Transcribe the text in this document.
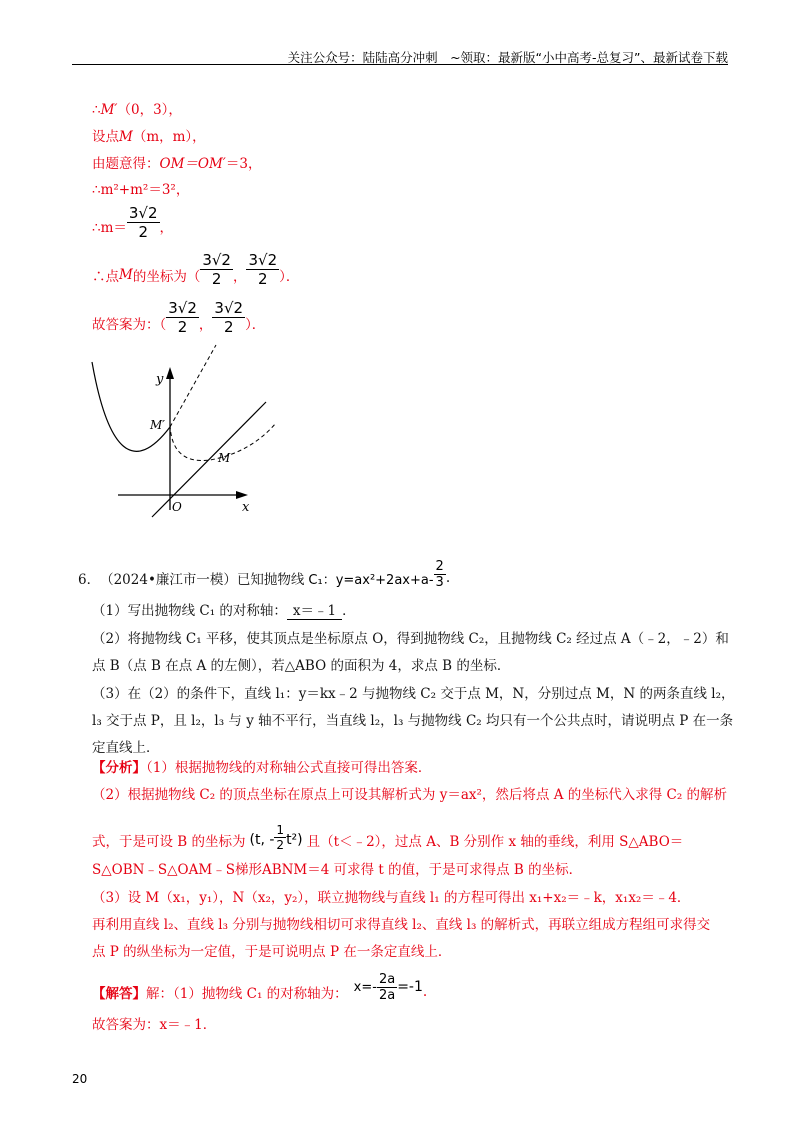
关注公众号：陆陆高分冲刺　~领取：最新版“小中高考-总复习”、最新试卷下载
∴M′（0，3），
设点M（m，m），
由题意得：OM＝OM′＝3，
∴m²+m²＝3²，
∴m＝ $\frac{3√2}{2}$ ，
∴点 M 的坐标为（ $\frac{3√2}{2}$ ， $\frac{3√2}{2}$ ）．
故答案为：（ $\frac{3√2}{2}$ ， $\frac{3√2}{2}$ ）．
y
x
O
M′
M
6． （2024•廉江市一模）已知抛物线 C₁：$y=ax^2+2ax+a- \frac{2}{3}$ .
（1）写出抛物线 C₁ 的对称轴： x＝﹣1 ．
（2）将抛物线 C₁ 平移，使其顶点是坐标原点 O，得到抛物线 C₂，且抛物线 C₂ 经过点 A（﹣2，﹣2）和
点 B（点 B 在点 A 的左侧），若△ABO 的面积为 4，求点 B 的坐标．
（3）在（2）的条件下，直线 l₁：y＝kx﹣2 与抛物线 C₂ 交于点 M，N，分别过点 M，N 的两条直线 l₂，
l₃ 交于点 P，且 l₂，l₃ 与 y 轴不平行，当直线 l₂，l₃ 与抛物线 C₂ 均只有一个公共点时，请说明点 P 在一条
定直线上．
【分析】（1）根据抛物线的对称轴公式直接可得出答案．
（2）根据抛物线 C₂ 的顶点坐标在原点上可设其解析式为 y＝ax²，然后将点 A 的坐标代入求得 C₂ 的解析
式，于是可设 B 的坐标为 (t, - $\frac{1}{2} t^2$) 且（t＜﹣2），过点 A、B 分别作 x 轴的垂线，利用 S△ABO＝
S△OBN﹣S△OAM﹣S梯形ABNM＝4 可求得 t 的值，于是可求得点 B 的坐标．
（3）设 M（x₁，y₁），N（x₂，y₂），联立抛物线与直线 l₁ 的方程可得出 x₁+x₂＝﹣k，x₁x₂＝﹣4．
再利用直线 l₂、直线 l₃ 分别与抛物线相切可求得直线 l₂、直线 l₃ 的解析式，再联立组成方程组可求得交
点 P 的纵坐标为一定值，于是可说明点 P 在一条定直线上．
【解答】 解：（1）抛物线 C₁ 的对称轴为： $x=- \frac{2a}{2a} =-1$ .
故答案为：x＝﹣1．
20
